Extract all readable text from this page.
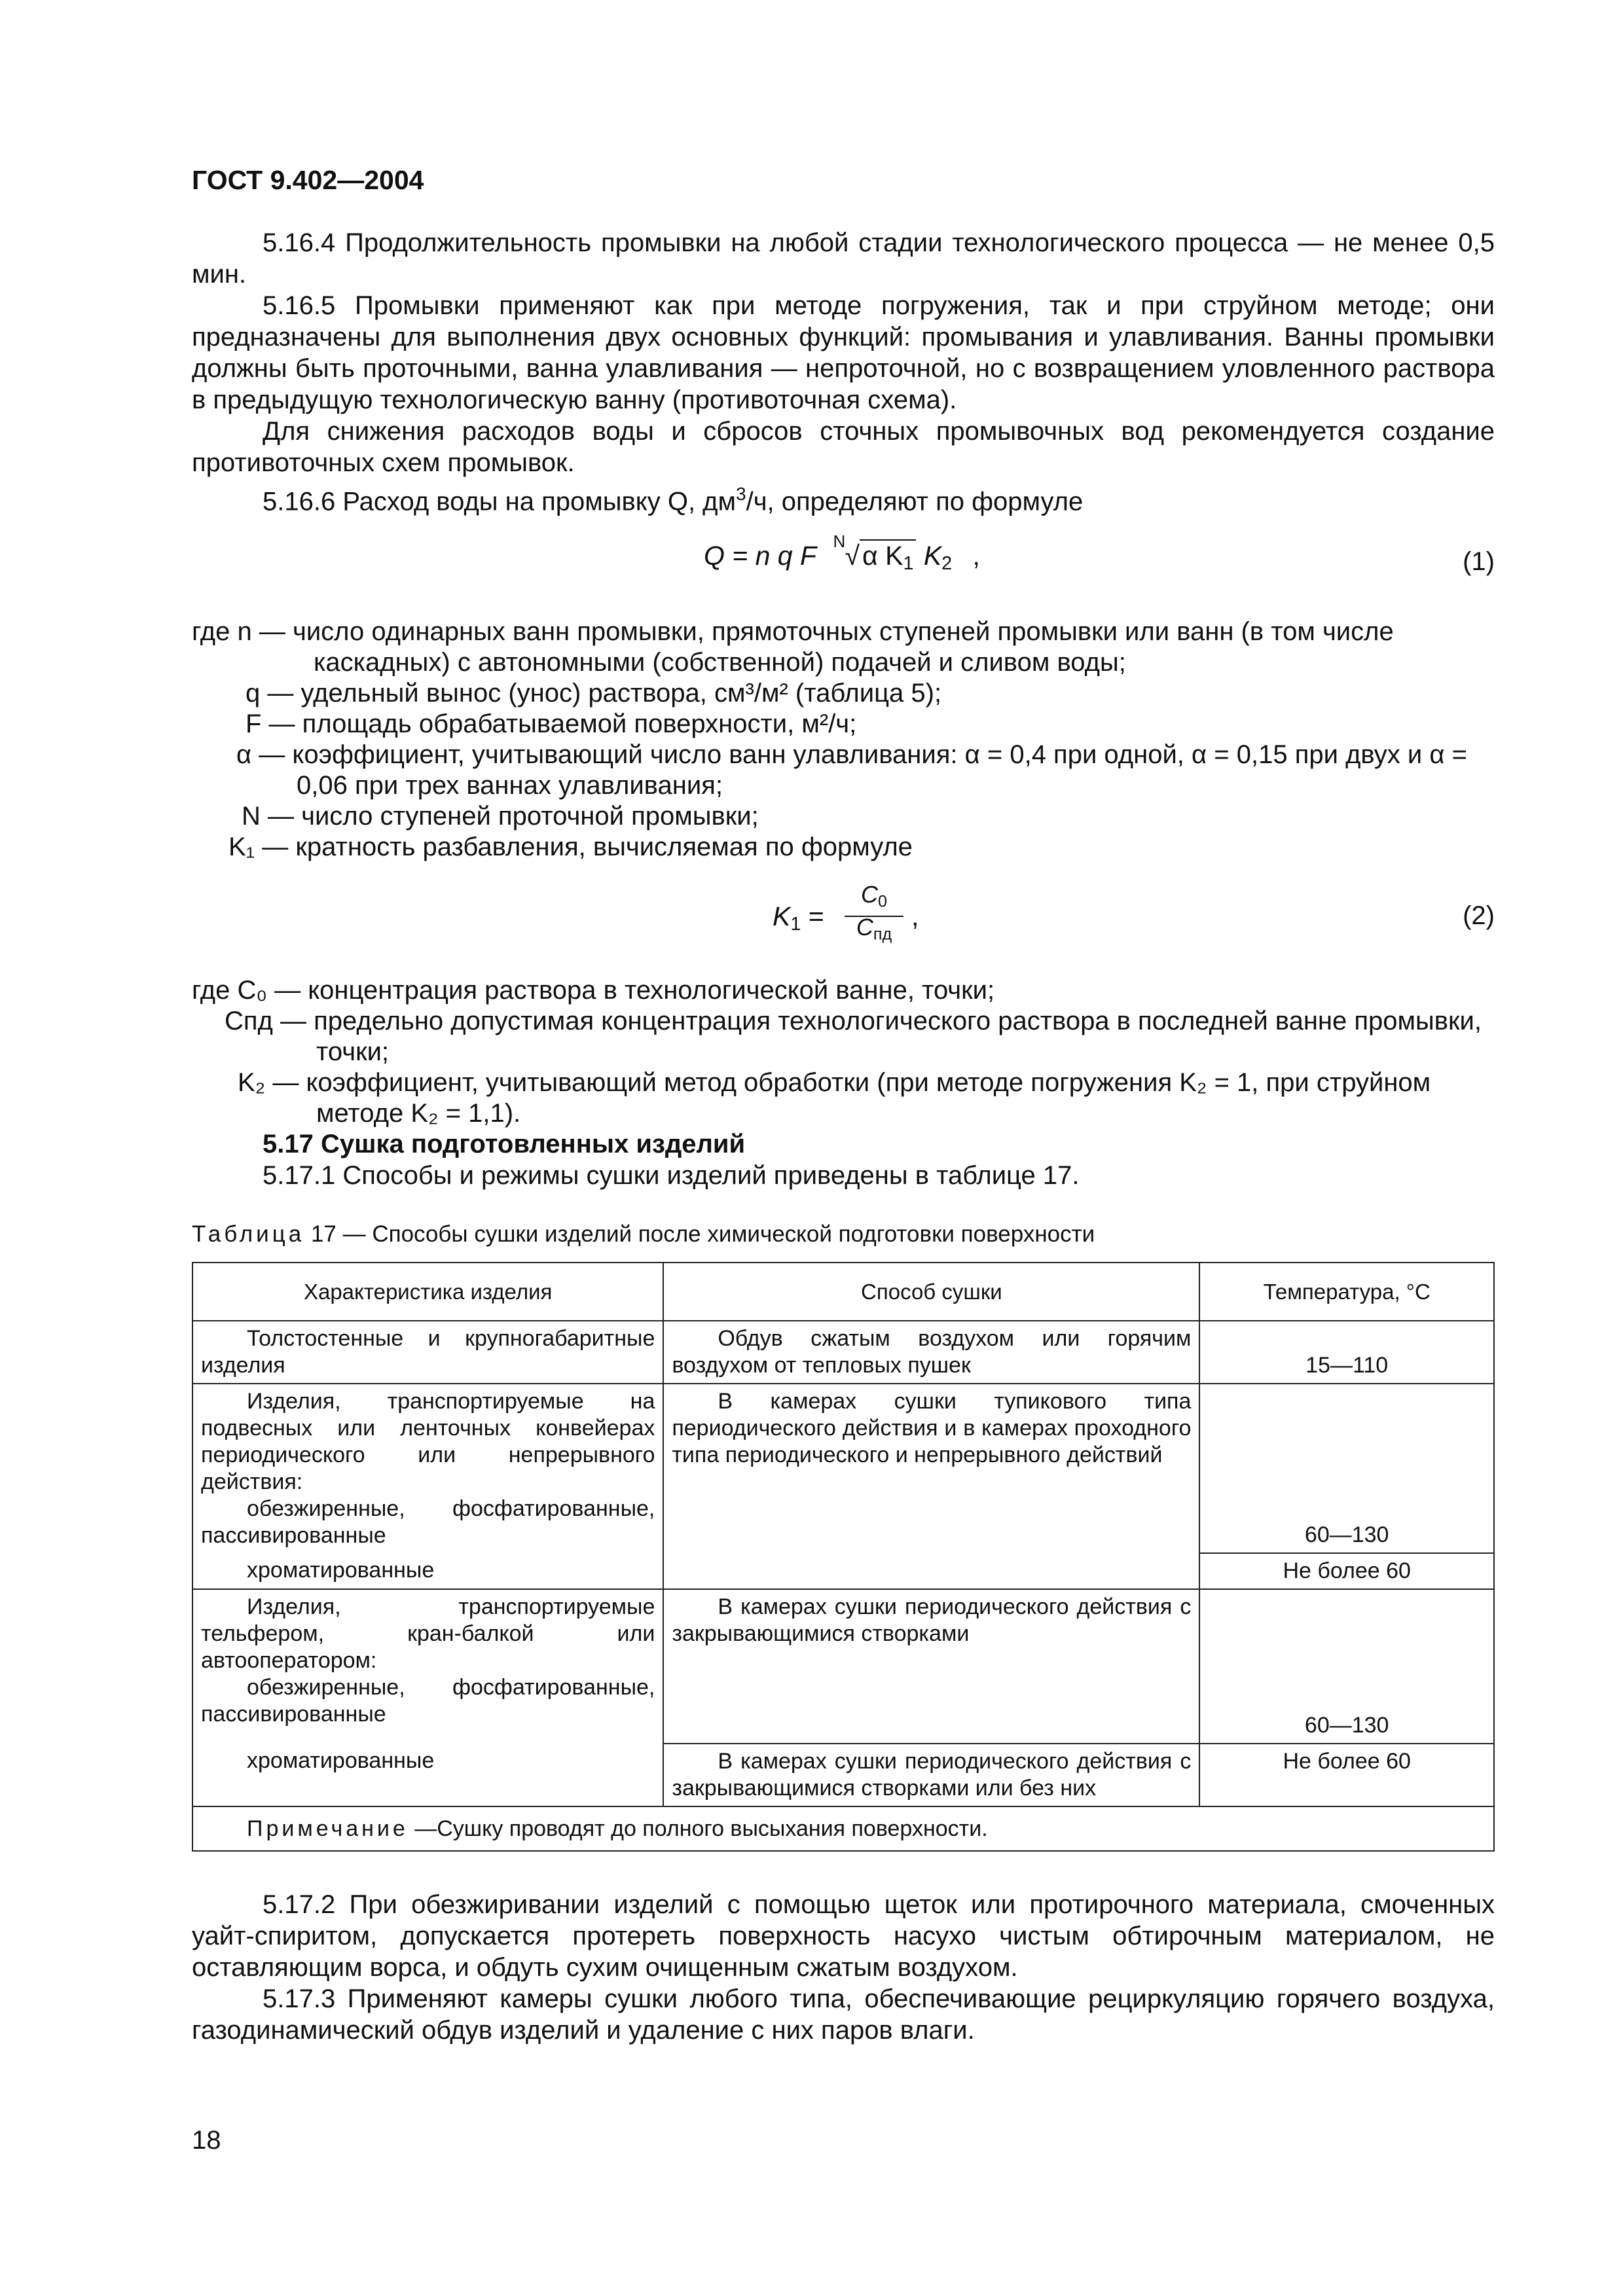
ГОСТ 9.402—2004

5.16.4 Продолжительность промывки на любой стадии технологического процесса — не менее 0,5 мин.

5.16.5 Промывки применяют как при методе погружения, так и при струйном методе; они предназначены для выполнения двух основных функций: промывания и улавливания. Ванны промывки должны быть проточными, ванна улавливания — непроточной, но с возвращением уловленного раствора в предыдущую технологическую ванну (противоточная схема).

Для снижения расходов воды и сбросов сточных промывочных вод рекомендуется создание противоточных схем промывок.

5.16.6 Расход воды на промывку Q, $дм^3/ч$, определяют по формуле

Q = n q F N √α $K_1$ $K_2$ ,	(1)
где n — число одинарных ванн промывки, прямоточных ступеней промывки или ванн (в том числе каскадных) с автономными (собственной) подачей и сливом воды;
q — удельный вынос (унос) раствора, см³/м² (таблица 5);
F — площадь обрабатываемой поверхности, м²/ч;
α — коэффициент, учитывающий число ванн улавливания: α = 0,4 при одной, α = 0,15 при двух и α = 0,06 при трех ваннах улавливания;
N — число ступеней проточной промывки;
K₁ — кратность разбавления, вычисляемая по формуле
$K_1$ =
$C_0$
$C_{пд}$
,	(2)
где C₀ — концентрация раствора в технологической ванне, точки;
Cпд — предельно допустимая концентрация технологического раствора в последней ванне промывки, точки;
K₂ — коэффициент, учитывающий метод обработки (при методе погружения K₂ = 1, при струйном методе K₂ = 1,1).

5.17 Сушка подготовленных изделий

5.17.1 Способы и режимы сушки изделий приведены в таблице 17.

Таблица 17 — Способы сушки изделий после химической подготовки поверхности
Характеристика изделия	Способ сушки	Температура, °С
Толстостенные и крупногабаритные изделия	Обдув сжатым воздухом или горячим воздухом от тепловых пушек	15—110

Изделия, транспортируемые на подвесных или ленточных конвейерах периодического или непрерывного действия:
обезжиренные, фосфатированные, пассивированные	В камерах сушки тупикового типа периодического действия и в камерах проходного типа периодического и непрерывного действий	60—130
хроматированные		Не более 60

Изделия, транспортируемые тельфером, кран-балкой или автооператором:
обезжиренные, фосфатированные, пассивированные	В камерах сушки периодического действия с закрывающимися створками	60—130
хроматированные	В камерах сушки периодического действия с закрывающимися створками или без них	Не более 60
Примечание —Сушку проводят до полного высыхания поверхности.		

5.17.2 При обезжиривании изделий с помощью щеток или протирочного материала, смоченных уайт-спиритом, допускается протереть поверхность насухо чистым обтирочным материалом, не оставляющим ворса, и обдуть сухим очищенным сжатым воздухом.

5.17.3 Применяют камеры сушки любого типа, обеспечивающие рециркуляцию горячего воздуха, газодинамический обдув изделий и удаление с них паров влаги.

18
